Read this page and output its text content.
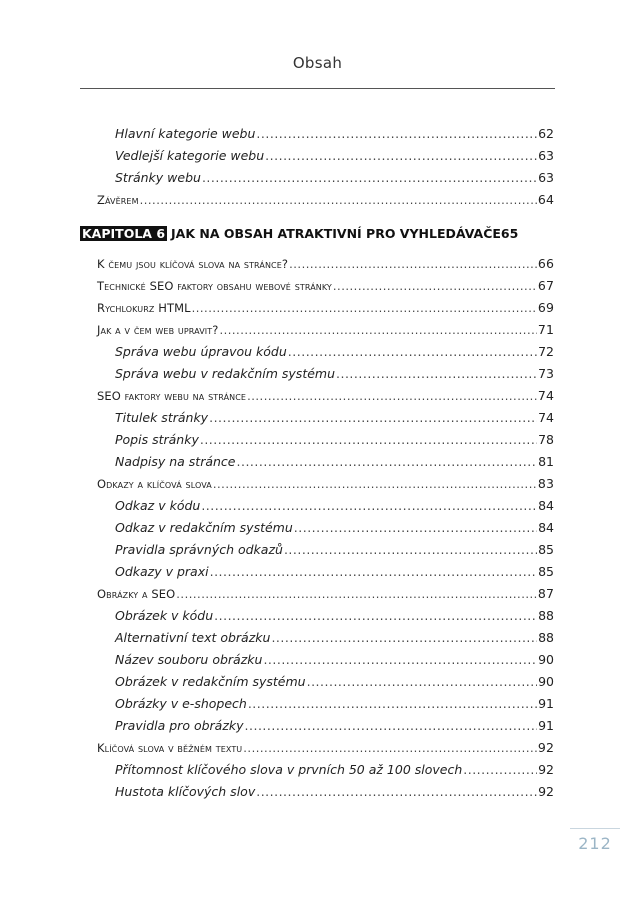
Obsah
Hlavní kategorie webu .....	62
Vedlejší kategorie webu .....	63
Stránky webu .....	63
Závěrem .....	64
KAPITOLA 6 JAK NA OBSAH ATRAKTIVNÍ PRO VYHLEDÁVAČE 65
K čemu jsou klíčová slova na stránce? .....	66
Technické SEO faktory obsahu webové stránky .....	67
Rychlokurz HTML .....	69
Jak a v čem web upravit? .....	71
Správa webu úpravou kódu .....	72
Správa webu v redakčním systému .....	73
SEO faktory webu na stránce .....	74
Titulek stránky .....	74
Popis stránky .....	78
Nadpisy na stránce .....	81
Odkazy a klíčová slova .....	83
Odkaz v kódu .....	84
Odkaz v redakčním systému .....	84
Pravidla správných odkazů .....	85
Odkazy v praxi .....	85
Obrázky a SEO .....	87
Obrázek v kódu .....	88
Alternativní text obrázku .....	88
Název souboru obrázku .....	90
Obrázek v redakčním systému .....	90
Obrázky v e-shopech .....	91
Pravidla pro obrázky .....	91
Klíčová slova v běžném textu .....	92
Přítomnost klíčového slova v prvních 50 až 100 slovech .....	92
Hustota klíčových slov .....	92
212
